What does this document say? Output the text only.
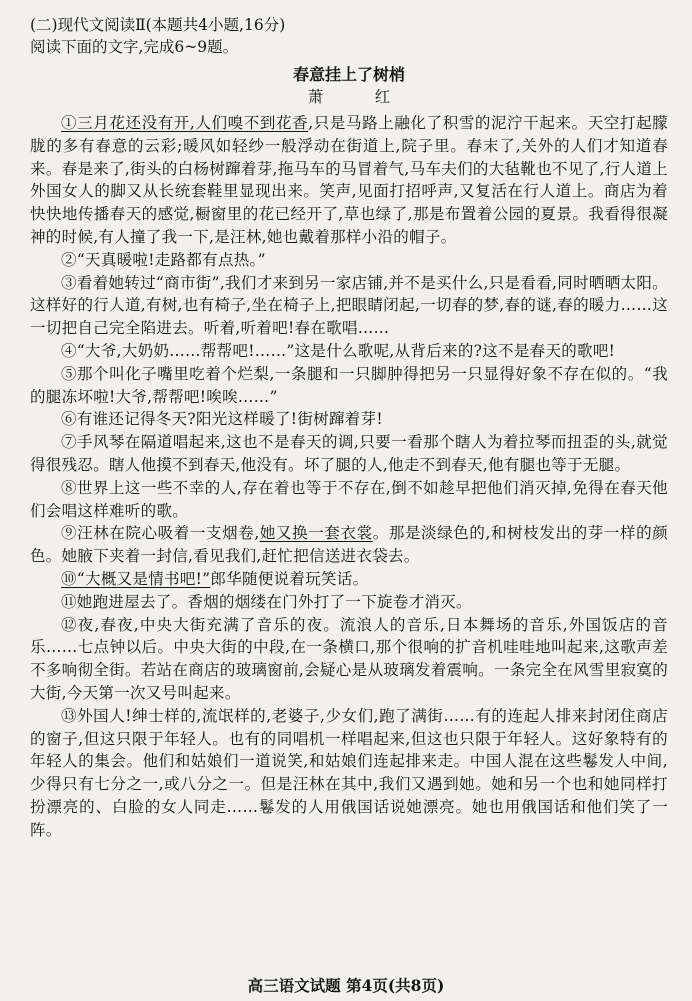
(二)现代文阅读Ⅱ(本题共4小题,16分)

阅读下面的文字,完成6~9题。

春意挂上了树梢

萧 红

①三月花还没有开,人们嗅不到花香,只是马路上融化了积雪的泥泞干起来。天空打起朦胧的多有春意的云彩;暖风如轻纱一般浮动在街道上,院子里。春末了,关外的人们才知道春来。春是来了,街头的白杨树蹿着芽,拖马车的马冒着气,马车夫们的大毡靴也不见了,行人道上外国女人的脚又从长统套鞋里显现出来。笑声,见面打招呼声,又复活在行人道上。商店为着快快地传播春天的感觉,橱窗里的花已经开了,草也绿了,那是布置着公园的夏景。我看得很凝神的时候,有人撞了我一下,是汪林,她也戴着那样小沿的帽子。

②“天真暖啦!走路都有点热。”

③看着她转过“商市街”,我们才来到另一家店铺,并不是买什么,只是看看,同时晒晒太阳。这样好的行人道,有树,也有椅子,坐在椅子上,把眼睛闭起,一切春的梦,春的谜,春的暖力……这一切把自己完全陷进去。听着,听着吧!春在歌唱……

④“大爷,大奶奶……帮帮吧!……”这是什么歌呢,从背后来的?这不是春天的歌吧!

⑤那个叫化子嘴里吃着个烂梨,一条腿和一只脚肿得把另一只显得好象不存在似的。“我的腿冻坏啦!大爷,帮帮吧!唉唉……”

⑥有谁还记得冬天?阳光这样暖了!街树蹿着芽!

⑦手风琴在隔道唱起来,这也不是春天的调,只要一看那个瞎人为着拉琴而扭歪的头,就觉得很残忍。瞎人他摸不到春天,他没有。坏了腿的人,他走不到春天,他有腿也等于无腿。

⑧世界上这一些不幸的人,存在着也等于不存在,倒不如趁早把他们消灭掉,免得在春天他们会唱这样难听的歌。

⑨汪林在院心吸着一支烟卷,她又换一套衣裳。那是淡绿色的,和树枝发出的芽一样的颜色。她腋下夹着一封信,看见我们,赶忙把信送进衣袋去。

⑩“大概又是情书吧!”郎华随便说着玩笑话。

⑪她跑进屋去了。香烟的烟缕在门外打了一下旋卷才消灭。

⑫夜,春夜,中央大街充满了音乐的夜。流浪人的音乐,日本舞场的音乐,外国饭店的音乐……七点钟以后。中央大街的中段,在一条横口,那个很响的扩音机哇哇地叫起来,这歌声差不多响彻全街。若站在商店的玻璃窗前,会疑心是从玻璃发着震响。一条完全在风雪里寂寞的大街,今天第一次又号叫起来。

⑬外国人!绅士样的,流氓样的,老婆子,少女们,跑了满街……有的连起人排来封闭住商店的窗子,但这只限于年轻人。也有的同唱机一样唱起来,但这也只限于年轻人。这好象特有的年轻人的集会。他们和姑娘们一道说笑,和姑娘们连起排来走。中国人混在这些鬈发人中间,少得只有七分之一,或八分之一。但是汪林在其中,我们又遇到她。她和另一个也和她同样打扮漂亮的、白脸的女人同走……鬈发的人用俄国话说她漂亮。她也用俄国话和他们笑了一阵。

高三语文试题 第4页(共8页)
